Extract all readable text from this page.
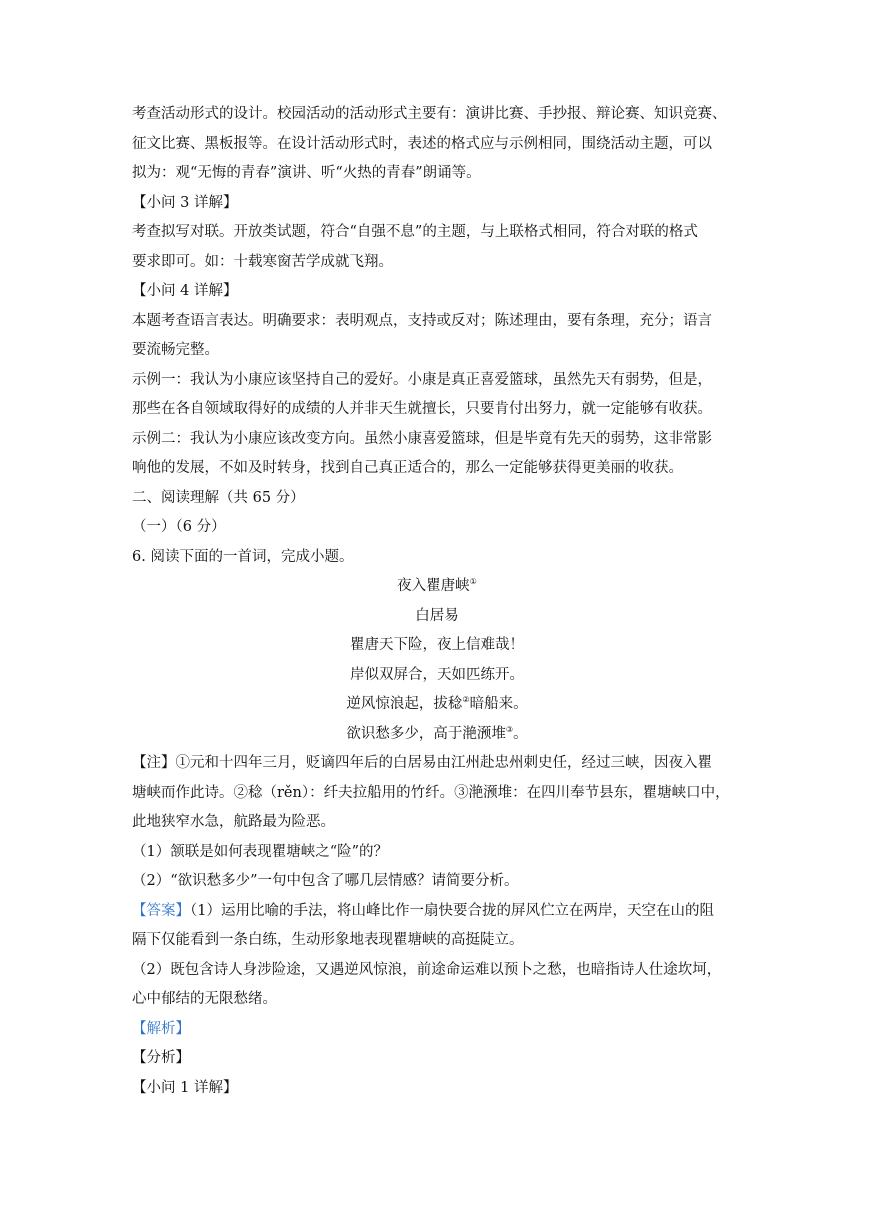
考查活动形式的设计。校园活动的活动形式主要有：演讲比赛、手抄报、辩论赛、知识竞赛、

征文比赛、黑板报等。在设计活动形式时，表述的格式应与示例相同，围绕活动主题，可以

拟为：观“无悔的青春”演讲、听“火热的青春”朗诵等。

【小问 3 详解】

考查拟写对联。开放类试题，符合“自强不息”的主题，与上联格式相同，符合对联的格式

要求即可。如：十载寒窗苦学成就飞翔。

【小问 4 详解】

本题考查语言表达。明确要求：表明观点，支持或反对；陈述理由，要有条理，充分；语言

要流畅完整。

示例一：我认为小康应该坚持自己的爱好。小康是真正喜爱篮球，虽然先天有弱势，但是，

那些在各自领域取得好的成绩的人并非天生就擅长，只要肯付出努力，就一定能够有收获。

示例二：我认为小康应该改变方向。虽然小康喜爱篮球，但是毕竟有先天的弱势，这非常影

响他的发展，不如及时转身，找到自己真正适合的，那么一定能够获得更美丽的收获。

二、阅读理解（共 65 分）

（一）（6 分）

6. 阅读下面的一首词，完成小题。

夜入瞿唐峡①

白居易

瞿唐天下险，夜上信难哉！

岸似双屏合，天如匹练开。

逆风惊浪起，拔稔②暗船来。

欲识愁多少，高于滟滪堆③。

【注】①元和十四年三月，贬谪四年后的白居易由江州赴忠州刺史任，经过三峡，因夜入瞿

塘峡而作此诗。②稔（rěn）：纤夫拉船用的竹纤。③滟滪堆：在四川奉节县东，瞿塘峡口中，

此地狭窄水急，航路最为险恶。

（1）颔联是如何表现瞿塘峡之“险”的？

（2）“欲识愁多少”一句中包含了哪几层情感？请简要分析。

【答案】（1）运用比喻的手法，将山峰比作一扇快要合拢的屏风伫立在两岸，天空在山的阻

隔下仅能看到一条白练，生动形象地表现瞿塘峡的高挺陡立。

（2）既包含诗人身涉险途，又遇逆风惊浪，前途命运难以预卜之愁，也暗指诗人仕途坎坷，

心中郁结的无限愁绪。

【解析】

【分析】

【小问 1 详解】
